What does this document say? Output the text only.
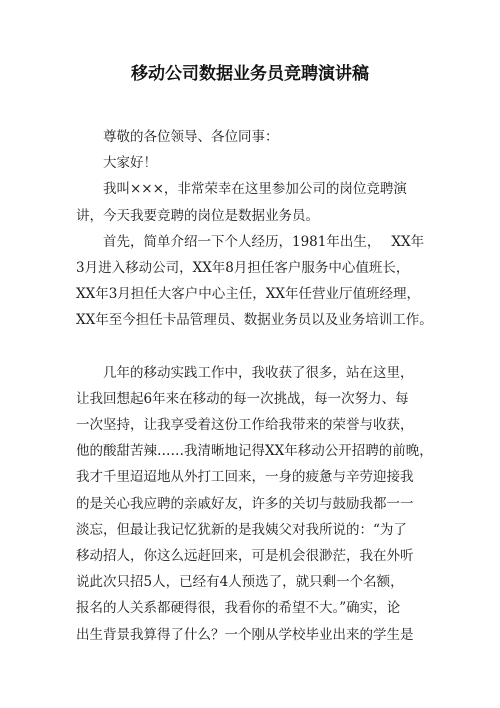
移动公司数据业务员竞聘演讲稿
尊敬的各位领导、各位同事：
大家好！
我叫×××，非常荣幸在这里参加公司的岗位竞聘演
讲，今天我要竞聘的岗位是数据业务员。
首先，简单介绍一下个人经历，1981年出生，　 XX年
3月进入移动公司，XX年8月担任客户服务中心值班长，
XX年3月担任大客户中心主任，XX年任营业厅值班经理，
XX年至今担任卡品管理员、数据业务员以及业务培训工作。
几年的移动实践工作中，我收获了很多，站在这里，
让我回想起6年来在移动的每一次挑战，每一次努力、每
一次坚持，让我享受着这份工作给我带来的荣誉与收获，
他的酸甜苦辣……我清晰地记得XX年移动公开招聘的前晚，
我才千里迢迢地从外打工回来，一身的疲惫与辛劳迎接我
的是关心我应聘的亲戚好友，许多的关切与鼓励我都一一
淡忘，但最让我记忆犹新的是我姨父对我所说的：“为了
移动招人，你这么远赶回来，可是机会很渺茫，我在外听
说此次只招5人，已经有4人预选了，就只剩一个名额，
报名的人关系都硬得很，我看你的希望不大。”确实，论
出生背景我算得了什么？一个刚从学校毕业出来的学生是
